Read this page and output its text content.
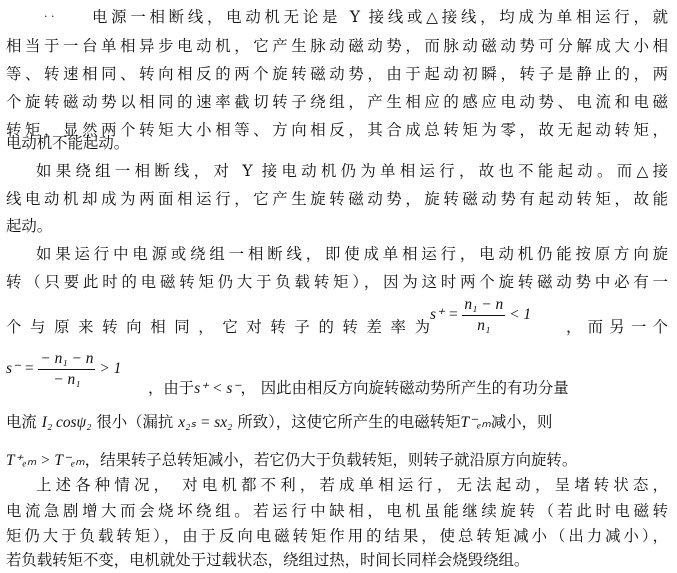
· · 电源一相断线，电动机无论是 Y 接线或△接线，均成为单相运行，就
相当于一台单相异步电动机，它产生脉动磁动势，而脉动磁动势可分解成大小相
等、转速相同、转向相反的两个旋转磁动势，由于起动初瞬，转子是静止的，两
个旋转磁动势以相同的速率截切转子绕组，产生相应的感应电动势、电流和电磁
转矩，显然两个转矩大小相等、方向相反，其合成总转矩为零，故无起动转矩，
电动机不能起动。
如果绕组一相断线，对 Y 接电动机仍为单相运行，故也不能起动。而△接
线电动机却成为两面相运行，它产生旋转磁动势，旋转磁动势有起动转矩，故能
起动。
如果运行中电源或绕组一相断线，即使成单相运行，电动机仍能按原方向旋
转（只要此时的电磁转矩仍大于负载转矩），因为这时两个旋转磁动势中必有一
$s^+ = \frac{\text{n₁ − n}}{\text{n₁}} < 1$
个与原来转向相同，它对转子的转差率为	，而另一个
$s^- = \frac{\text{− n₁ − n}}{\text{− n₁}} > 1$
，由于s⁺ < s⁻， 因此由相反方向旋转磁动势所产生的有功分量
电流 I₂ cosψ₂ 很小（漏抗 x₂ₛ = sx₂ 所致），这使它所产生的电磁转矩T⁻ₑₘ减小，则
T⁺ₑₘ > T⁻ₑₘ，结果转子总转矩减小，若它仍大于负载转矩，则转子就沿原方向旋转。
上述各种情况， 对电机都不利，若成单相运行，无法起动，呈堵转状态，
电流急剧增大而会烧坏绕组。若运行中缺相，电机虽能继续旋转（若此时电磁转
矩仍大于负载转矩），由于反向电磁转矩作用的结果，使总转矩减小（出力减小），
若负载转矩不变，电机就处于过载状态，绕组过热，时间长同样会烧毁绕组。
